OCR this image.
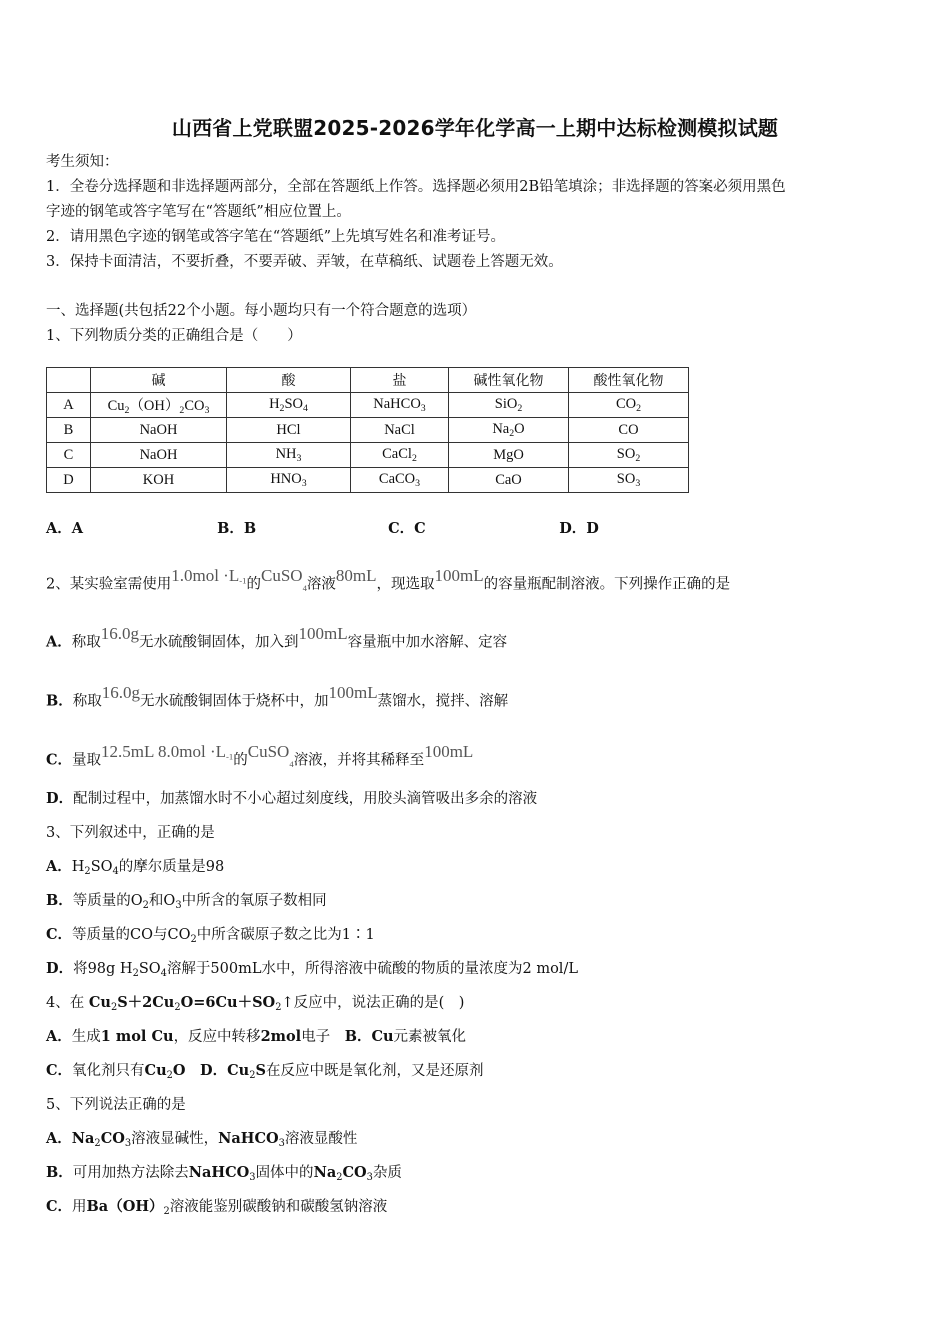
山西省上党联盟2025-2026学年化学高一上期中达标检测模拟试题
考生须知：
1．全卷分选择题和非选择题两部分，全部在答题纸上作答。选择题必须用2B铅笔填涂；非选择题的答案必须用黑色
字迹的钢笔或答字笔写在“答题纸”相应位置上。
2．请用黑色字迹的钢笔或答字笔在“答题纸”上先填写姓名和准考证号。
3．保持卡面清洁，不要折叠，不要弄破、弄皱，在草稿纸、试题卷上答题无效。
一、选择题(共包括22个小题。每小题均只有一个符合题意的选项）
1、下列物质分类的正确组合是（　　）
	碱	酸	盐	碱性氧化物	酸性氧化物
A	$Cu_2(OH)_2CO_3$	$H_2SO_4$	NaHCO$_3$	SiO$_2$	$CO_2$
B	NaOH	HCl	NaCl	$Na_2O$	CO
C	NaOH	$NH_3$	CaCl$_2$	MgO	$SO_2$
D	KOH	$HNO_3$	CaCO$_3$	CaO	$SO_3$
A．A	B．B	C．C	D．D
2、某实验室需使用$1.0mol \cdot L^{-1}$的CuSO4溶液80mL，现选取100mL的容量瓶配制溶液。下列操作正确的是
A．称取16.0g无水硫酸铜固体，加入到100mL容量瓶中加水溶解、定容
B．称取16.0g无水硫酸铜固体于烧杯中，加100mL蒸馏水，搅拌、溶解
C．量取12.5mL $8.0mol \cdot L^{-1}$的CuSO4溶液，并将其稀释至100mL
D．配制过程中，加蒸馏水时不小心超过刻度线，用胶头滴管吸出多余的溶液
3、下列叙述中，正确的是
A．$H_2SO_4$的摩尔质量是98
B．等质量的$O_2$和$O_3$中所含的氧原子数相同
C．等质量的CO与$CO_2$中所含碳原子数之比为1∶1
D．将98g $H_2SO_4$溶解于500mL水中，所得溶液中硫酸的物质的量浓度为2 mol/L
4、在 $Cu_2S+2Cu_2O=6Cu+SO_2↑$反应中，说法正确的是(　)
A．生成1 mol Cu，反应中转移2mol电子　B．Cu元素被氧化
C．氧化剂只有$Cu_2O$　 D．$Cu_2S$在反应中既是氧化剂，又是还原剂
5、下列说法正确的是
A．$Na_2CO_3$溶液显碱性，NaHCO$_3$溶液显酸性
B．可用加热方法除去NaHCO$_3$固体中的$Na_2CO_3$杂质
C．用$Ba(OH)_2$溶液能鉴别碳酸钠和碳酸氢钠溶液
